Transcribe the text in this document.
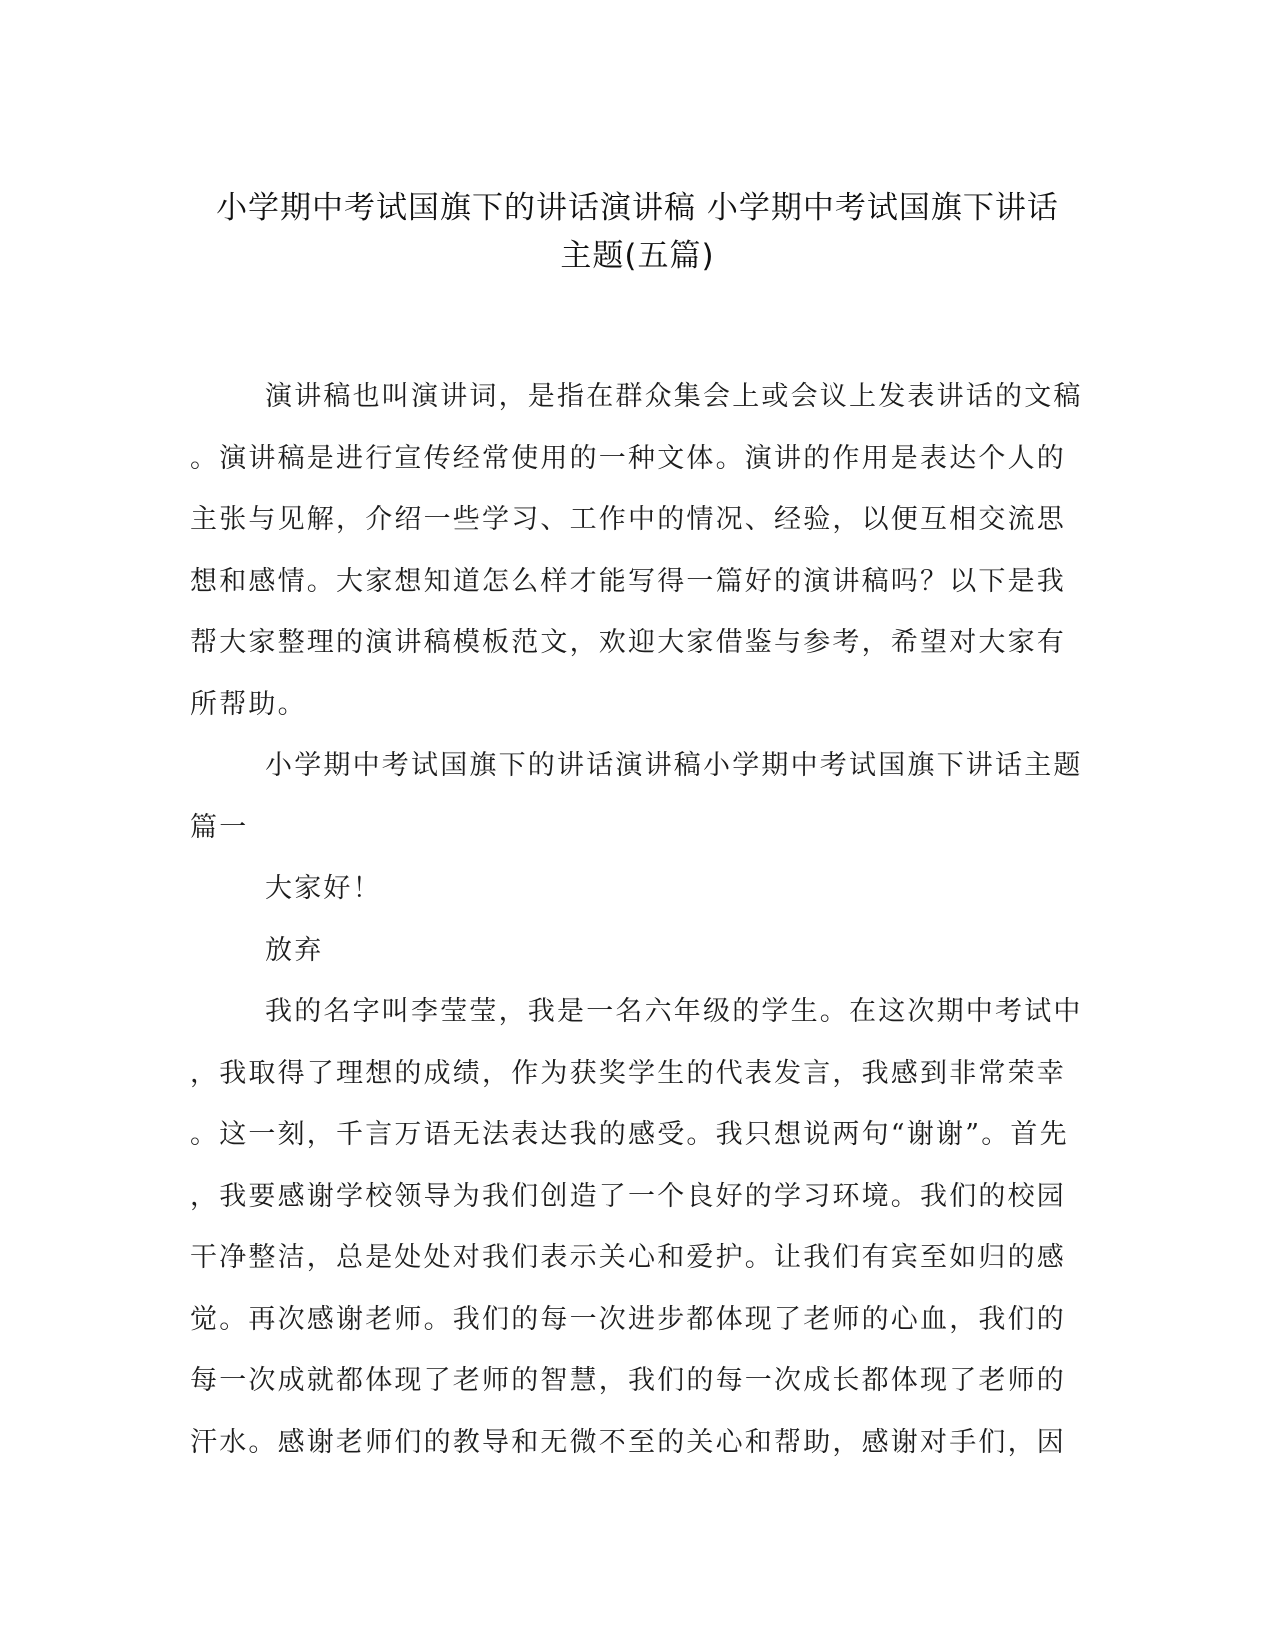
小学期中考试国旗下的讲话演讲稿 小学期中考试国旗下讲话
主题(五篇)

演讲稿也叫演讲词，是指在群众集会上或会议上发表讲话的文稿
。演讲稿是进行宣传经常使用的一种文体。演讲的作用是表达个人的
主张与见解，介绍一些学习、工作中的情况、经验，以便互相交流思
想和感情。大家想知道怎么样才能写得一篇好的演讲稿吗？以下是我
帮大家整理的演讲稿模板范文，欢迎大家借鉴与参考，希望对大家有
所帮助。

小学期中考试国旗下的讲话演讲稿小学期中考试国旗下讲话主题
篇一

大家好！

放弃

我的名字叫李莹莹，我是一名六年级的学生。在这次期中考试中
，我取得了理想的成绩，作为获奖学生的代表发言，我感到非常荣幸
。这一刻，千言万语无法表达我的感受。我只想说两句“谢谢”。首先
，我要感谢学校领导为我们创造了一个良好的学习环境。我们的校园
干净整洁，总是处处对我们表示关心和爱护。让我们有宾至如归的感
觉。再次感谢老师。我们的每一次进步都体现了老师的心血，我们的
每一次成就都体现了老师的智慧，我们的每一次成长都体现了老师的
汗水。感谢老师们的教导和无微不至的关心和帮助，感谢对手们，因
